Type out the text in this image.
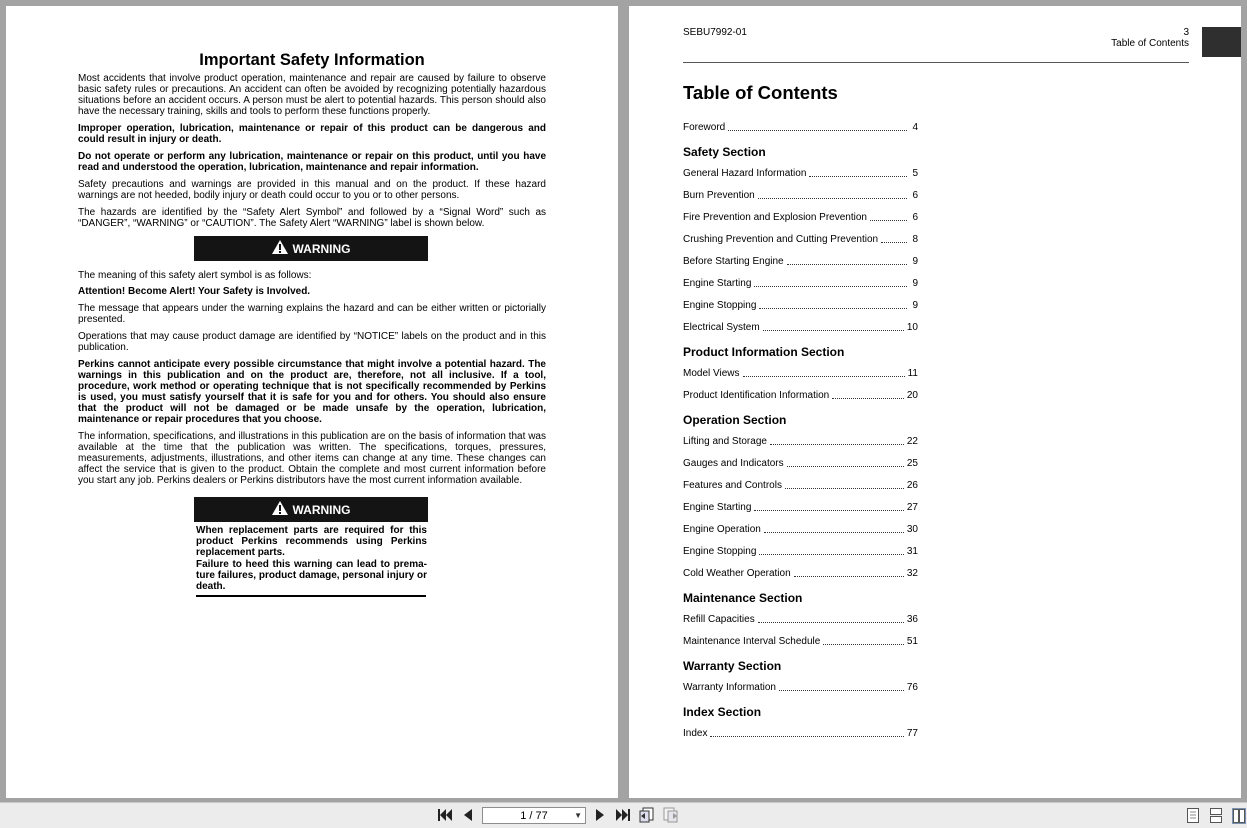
Important Safety Information

Most accidents that involve product operation, maintenance and repair are caused by failure to observe basic safety rules or precautions. An accident can often be avoided by recognizing potentially hazardous situations before an accident occurs. A person must be alert to potential hazards. This person should also have the necessary training, skills and tools to perform these functions properly.

Improper operation, lubrication, maintenance or repair of this product can be dangerous and could result in injury or death.

Do not operate or perform any lubrication, maintenance or repair on this product, until you have read and understood the operation, lubrication, maintenance and repair information.

Safety precautions and warnings are provided in this manual and on the product. If these hazard warnings are not heeded, bodily injury or death could occur to you or to other persons.

The hazards are identified by the “Safety Alert Symbol” and followed by a “Signal Word” such as “DANGER”, “WARNING” or “CAUTION”. The Safety Alert “WARNING” label is shown below.

WARNING

The meaning of this safety alert symbol is as follows:

Attention! Become Alert! Your Safety is Involved.

The message that appears under the warning explains the hazard and can be either written or pictorially presented.

Operations that may cause product damage are identified by “NOTICE” labels on the product and in this publication.

Perkins cannot anticipate every possible circumstance that might involve a potential hazard. The warnings in this publication and on the product are, therefore, not all inclusive. If a tool, procedure, work method or operating technique that is not specifically recommended by Perkins is used, you must satisfy yourself that it is safe for you and for others. You should also ensure that the product will not be damaged or be made unsafe by the operation, lubrication, maintenance or repair procedures that you choose.

The information, specifications, and illustrations in this publication are on the basis of information that was available at the time that the publication was written. The specifications, torques, pressures, measurements, adjustments, illustrations, and other items can change at any time. These changes can affect the service that is given to the product. Obtain the complete and most current information before you start any job. Perkins dealers or Perkins distributors have the most current information available.

WARNING
When replacement parts are required for this product Perkins recommends using Perkins replacement parts.
Failure to heed this warning can lead to prema- ture failures, product damage, personal injury or death.
SEBU7992-01	3
Table of Contents
Table of Contents
Foreword	4
Safety Section
General Hazard Information	5
Burn Prevention	6
Fire Prevention and Explosion Prevention	6
Crushing Prevention and Cutting Prevention	8
Before Starting Engine	9
Engine Starting	9
Engine Stopping	9
Electrical System	10
Product Information Section
Model Views	11
Product Identification Information	20
Operation Section
Lifting and Storage	22
Gauges and Indicators	25
Features and Controls	26
Engine Starting	27
Engine Operation	30
Engine Stopping	31
Cold Weather Operation	32
Maintenance Section
Refill Capacities	36
Maintenance Interval Schedule	51
Warranty Section
Warranty Information	76
Index Section
Index	77
1 / 77	▼
